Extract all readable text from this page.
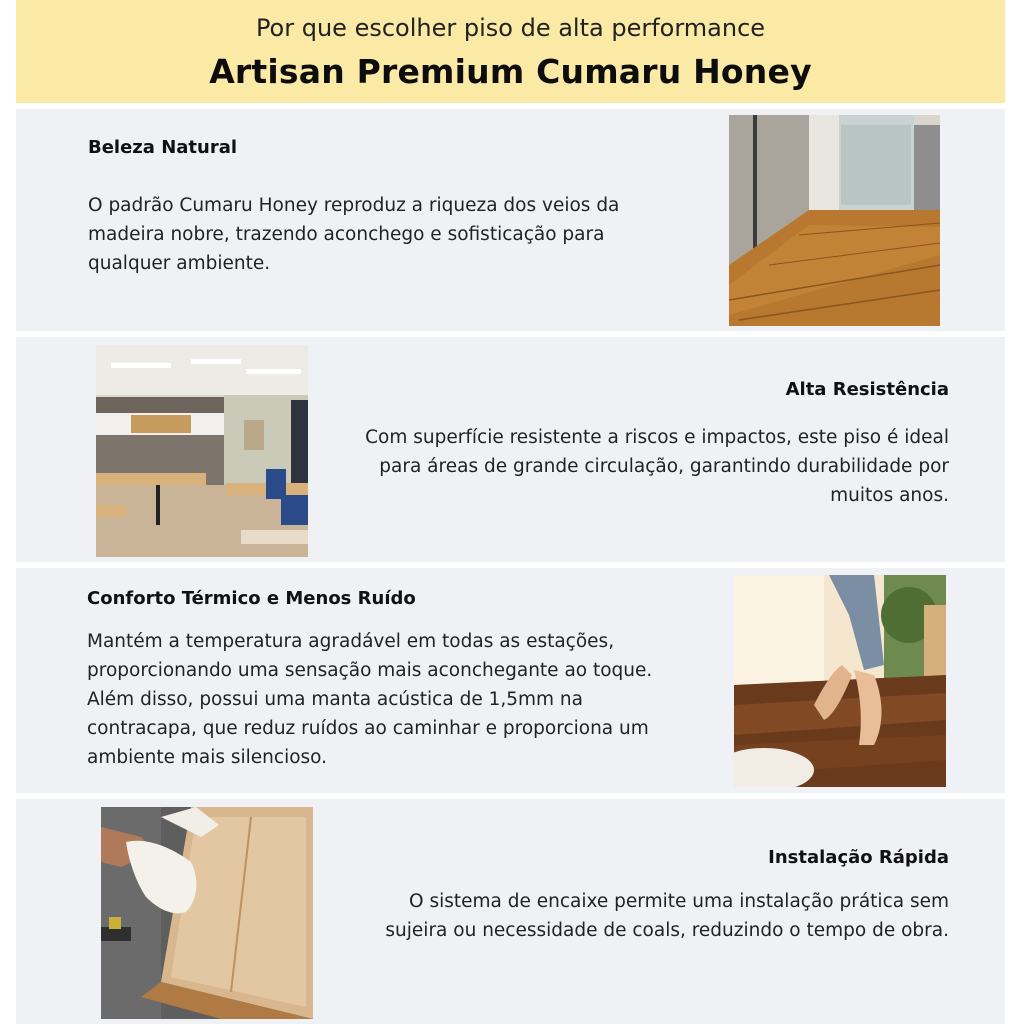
Por que escolher piso de alta performance
Artisan Premium Cumaru Honey
Beleza Natural
O padrão Cumaru Honey reproduz a riqueza dos veios da madeira nobre, trazendo aconchego e sofisticação para qualquer ambiente.
Alta Resistência
Com superfície resistente a riscos e impactos, este piso é ideal para áreas de grande circulação, garantindo durabilidade por muitos anos.
Conforto Térmico e Menos Ruído
Mantém a temperatura agradável em todas as estações, proporcionando uma sensação mais aconchegante ao toque. Além disso, possui uma manta acústica de 1,5mm na contracapa, que reduz ruídos ao caminhar e proporciona um ambiente mais silencioso.
Instalação Rápida
O sistema de encaixe permite uma instalação prática sem sujeira ou necessidade de coals, reduzindo o tempo de obra.
